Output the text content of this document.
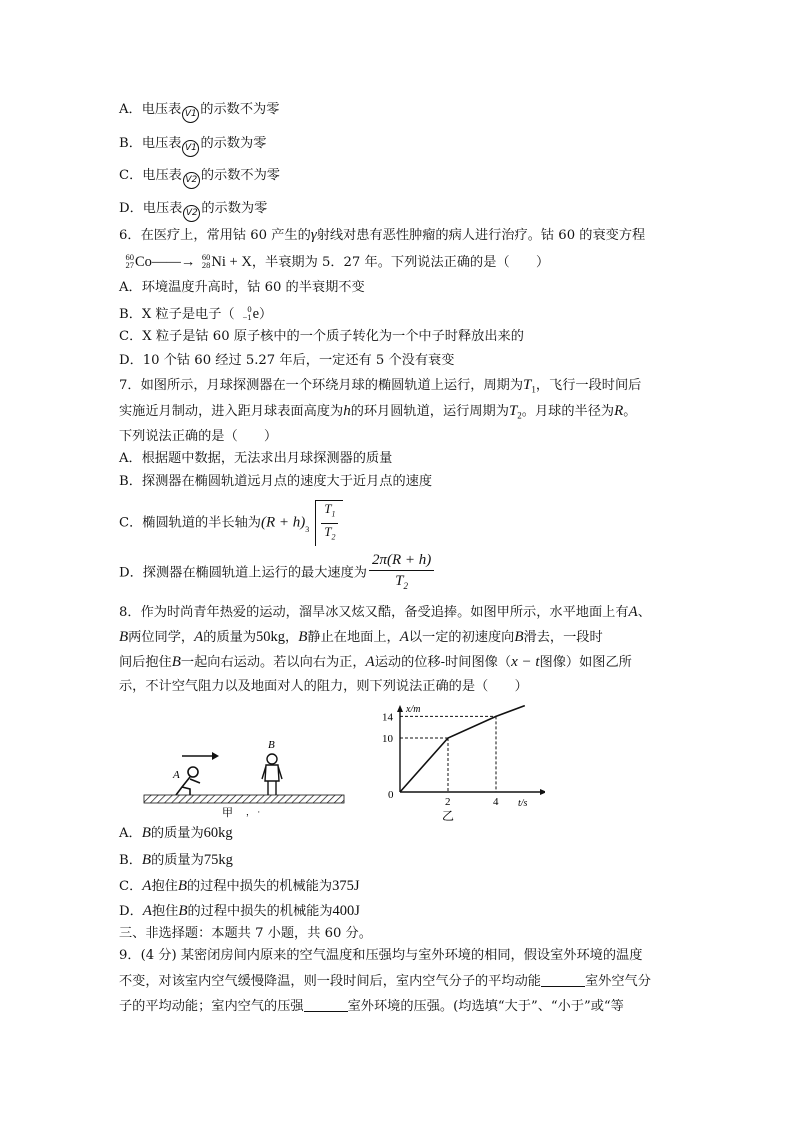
A．电压表 V1 的示数不为零
B．电压表 V1 的示数为零
C．电压表 V2 的示数不为零
D．电压表 V2 的示数为零
6．在医疗上，常用钴 60 产生的γ射线对患有恶性肿瘤的病人进行治疗。钴 60 的衰变方程
60
27 Co——→ 60
28 Ni + X，半衰期为 5．27 年。下列说法正确的是（　　）
A．环境温度升高时，钴 60 的半衰期不变
B．X 粒子是电子（ 0
−1 e）
C．X 粒子是钴 60 原子核中的一个质子转化为一个中子时释放出来的
D．10 个钴 60 经过 5.27 年后，一定还有 5 个没有衰变
7．如图所示，月球探测器在一个环绕月球的椭圆轨道上运行，周期为$T_1$，飞行一段时间后
实施近月制动，进入距月球表面高度为h的环月圆轨道，运行周期为$T_2$。月球的半径为R。
下列说法正确的是（　　）
A．根据题中数据，无法求出月球探测器的质量
B．探测器在椭圆轨道远月点的速度大于近月点的速度
C．椭圆轨道的半长轴为(R + h) $3 \frac{T_1}{T_2}$
D．探测器在椭圆轨道上运行的最大速度为 $\frac{2\pi(R + h)}{T_2}$
8．作为时尚青年热爱的运动，溜旱冰又炫又酷，备受追捧。如图甲所示，水平地面上有A、
B两位同学，A的质量为50kg，B静止在地面上，A以一定的初速度向B滑去，一段时
间后抱住B一起向右运动。若以向右为正，A运动的位移-时间图像（x − t图像）如图乙所
示，不计空气阻力以及地面对人的阻力，则下列说法正确的是（　　）
A
B
甲 ， ·
x/m
t/s
0
2	4
10
14
乙
A．B的质量为60kg
B．B的质量为75kg
C．A抱住B的过程中损失的机械能为375J
D．A抱住B的过程中损失的机械能为400J
三、非选择题：本题共 7 小题，共 60 分。
9．(4 分) 某密闭房间内原来的空气温度和压强均与室外环境的相同，假设室外环境的温度
不变，对该室内空气缓慢降温，则一段时间后，室内空气分子的平均动能	室外空气分
子的平均动能；室内空气的压强	室外环境的压强。(均选填“大于”、“小于”或“等
